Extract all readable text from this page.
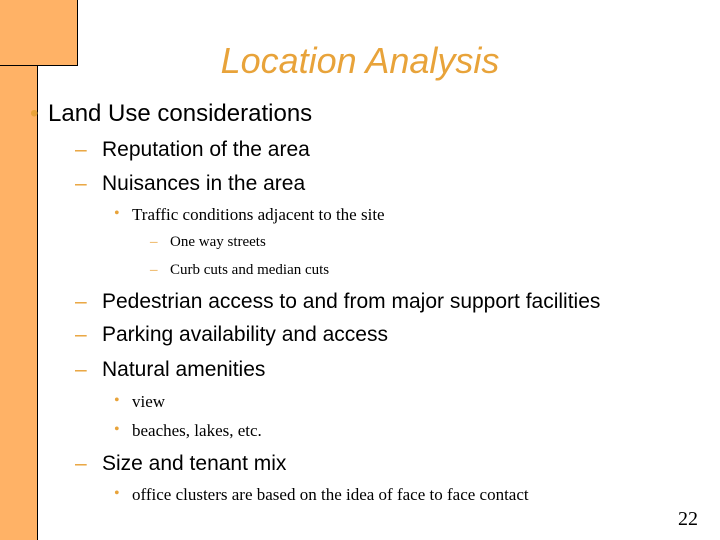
Location Analysis
• Land Use considerations
– Reputation of the area
– Nuisances in the area
• Traffic conditions adjacent to the site
– One way streets
– Curb cuts and median cuts
– Pedestrian access to and from major support facilities
– Parking availability and access
– Natural amenities
• view
• beaches, lakes, etc.
– Size and tenant mix
• office clusters are based on the idea of face to face contact
22
